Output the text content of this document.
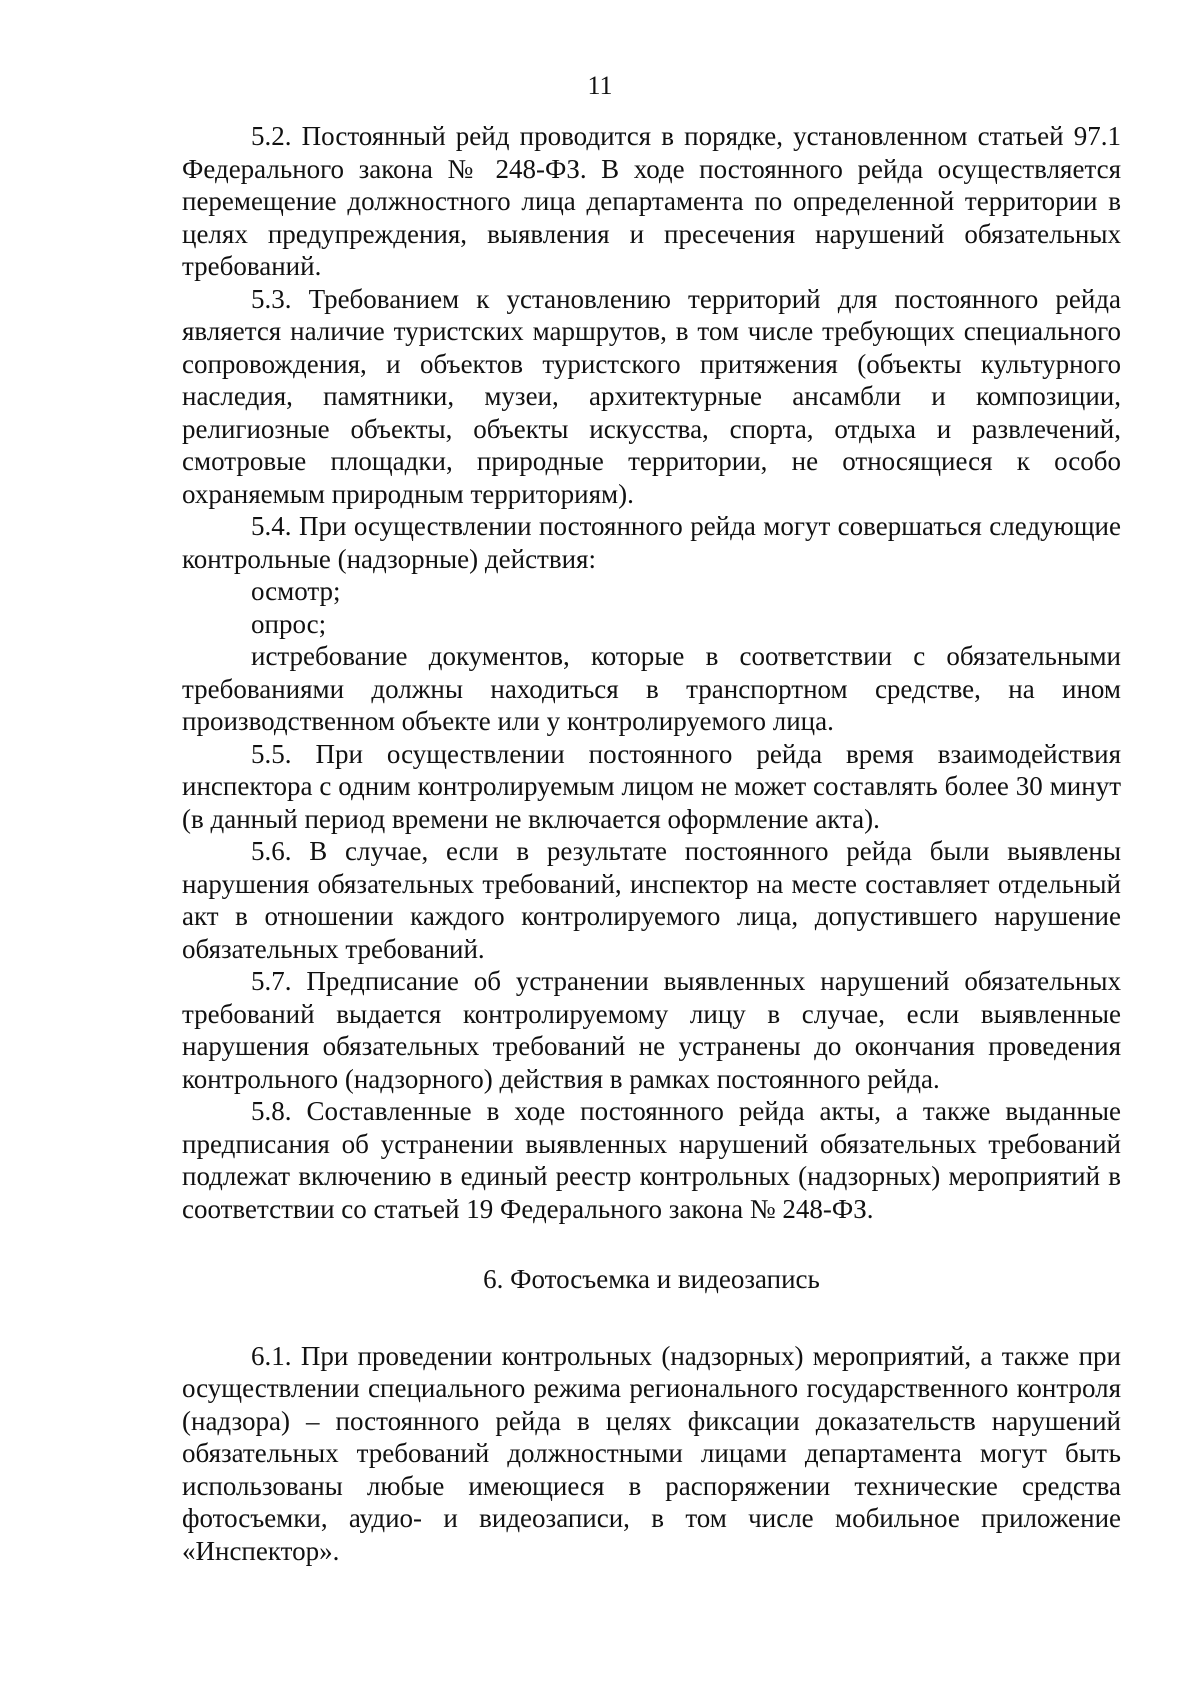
11

5.2. Постоянный рейд проводится в порядке, установленном статьей 97.1 Федерального закона № 248-ФЗ. В ходе постоянного рейда осуществляется перемещение должностного лица департамента по определенной территории в целях предупреждения, выявления и пресечения нарушений обязательных требований.

5.3. Требованием к установлению территорий для постоянного рейда является наличие туристских маршрутов, в том числе требующих специального сопровождения, и объектов туристского притяжения (объекты культурного наследия, памятники, музеи, архитектурные ансамбли и композиции, религиозные объекты, объекты искусства, спорта, отдыха и развлечений, смотровые площадки, природные территории, не относящиеся к особо охраняемым природным территориям).

5.4. При осуществлении постоянного рейда могут совершаться следующие контрольные (надзорные) действия:

осмотр;

опрос;

истребование документов, которые в соответствии с обязательными требованиями должны находиться в транспортном средстве, на ином производственном объекте или у контролируемого лица.

5.5. При осуществлении постоянного рейда время взаимодействия инспектора с одним контролируемым лицом не может составлять более 30 минут (в данный период времени не включается оформление акта).

5.6. В случае, если в результате постоянного рейда были выявлены нарушения обязательных требований, инспектор на месте составляет отдельный акт в отношении каждого контролируемого лица, допустившего нарушение обязательных требований.

5.7. Предписание об устранении выявленных нарушений обязательных требований выдается контролируемому лицу в случае, если выявленные нарушения обязательных требований не устранены до окончания проведения контрольного (надзорного) действия в рамках постоянного рейда.

5.8. Составленные в ходе постоянного рейда акты, а также выданные предписания об устранении выявленных нарушений обязательных требований подлежат включению в единый реестр контрольных (надзорных) мероприятий в соответствии со статьей 19 Федерального закона № 248-ФЗ.

6. Фотосъемка и видеозапись

6.1. При проведении контрольных (надзорных) мероприятий, а также при осуществлении специального режима регионального государственного контроля (надзора) – постоянного рейда в целях фиксации доказательств нарушений обязательных требований должностными лицами департамента могут быть использованы любые имеющиеся в распоряжении технические средства фотосъемки, аудио- и видеозаписи, в том числе мобильное приложение «Инспектор».
